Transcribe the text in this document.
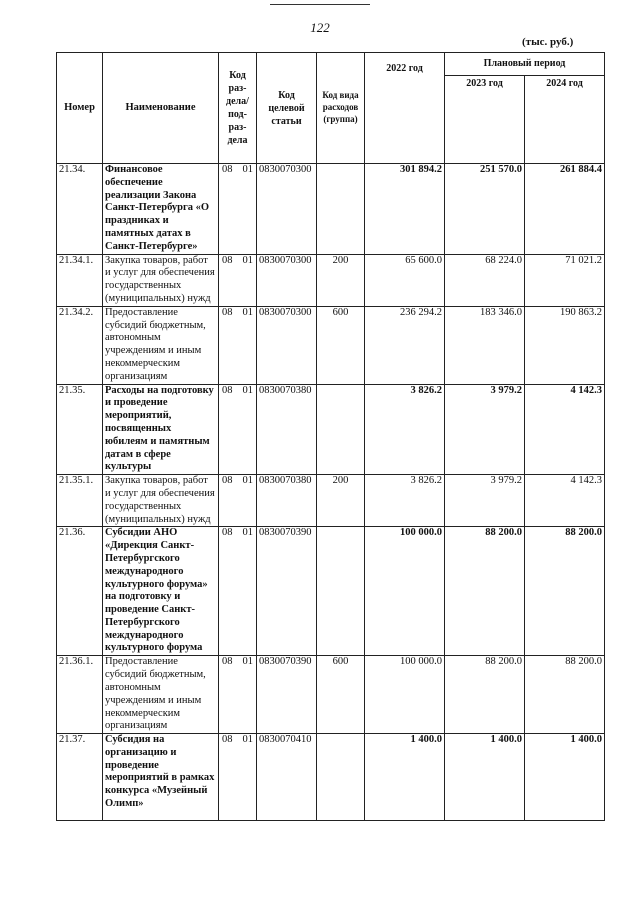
122
(тыс. руб.)
Номер	Наименование	Код раз-дела/ под-раз-дела	Код целевой статьи	Код вида расходов (группа)	2022 год	Плановый период	
						2023 год	2024 год
21.34.	Финансовое обеспечение реализации Закона Санкт-Петербурга «О праздниках и памятных датах в Санкт-Петербурге»	08 01	0830070300		301 894.2	251 570.0	261 884.4
21.34.1.	Закупка товаров, работ и услуг для обеспечения государственных (муниципальных) нужд	08 01	0830070300	200	65 600.0	68 224.0	71 021.2
21.34.2.	Предоставление субсидий бюджетным, автономным учреждениям и иным некоммерческим организациям	08 01	0830070300	600	236 294.2	183 346.0	190 863.2
21.35.	Расходы на подготовку и проведение мероприятий, посвященных юбилеям и памятным датам в сфере культуры	08 01	0830070380		3 826.2	3 979.2	4 142.3
21.35.1.	Закупка товаров, работ и услуг для обеспечения государственных (муниципальных) нужд	08 01	0830070380	200	3 826.2	3 979.2	4 142.3
21.36.	Субсидии АНО «Дирекция Санкт-Петербургского международного культурного форума» на подготовку и проведение Санкт-Петербургского международного культурного форума	08 01	0830070390		100 000.0	88 200.0	88 200.0
21.36.1.	Предоставление субсидий бюджетным, автономным учреждениям и иным некоммерческим организациям	08 01	0830070390	600	100 000.0	88 200.0	88 200.0
21.37.	Субсидия на организацию и проведение мероприятий в рамках конкурса «Музейный Олимп»	08 01	0830070410		1 400.0	1 400.0	1 400.0
